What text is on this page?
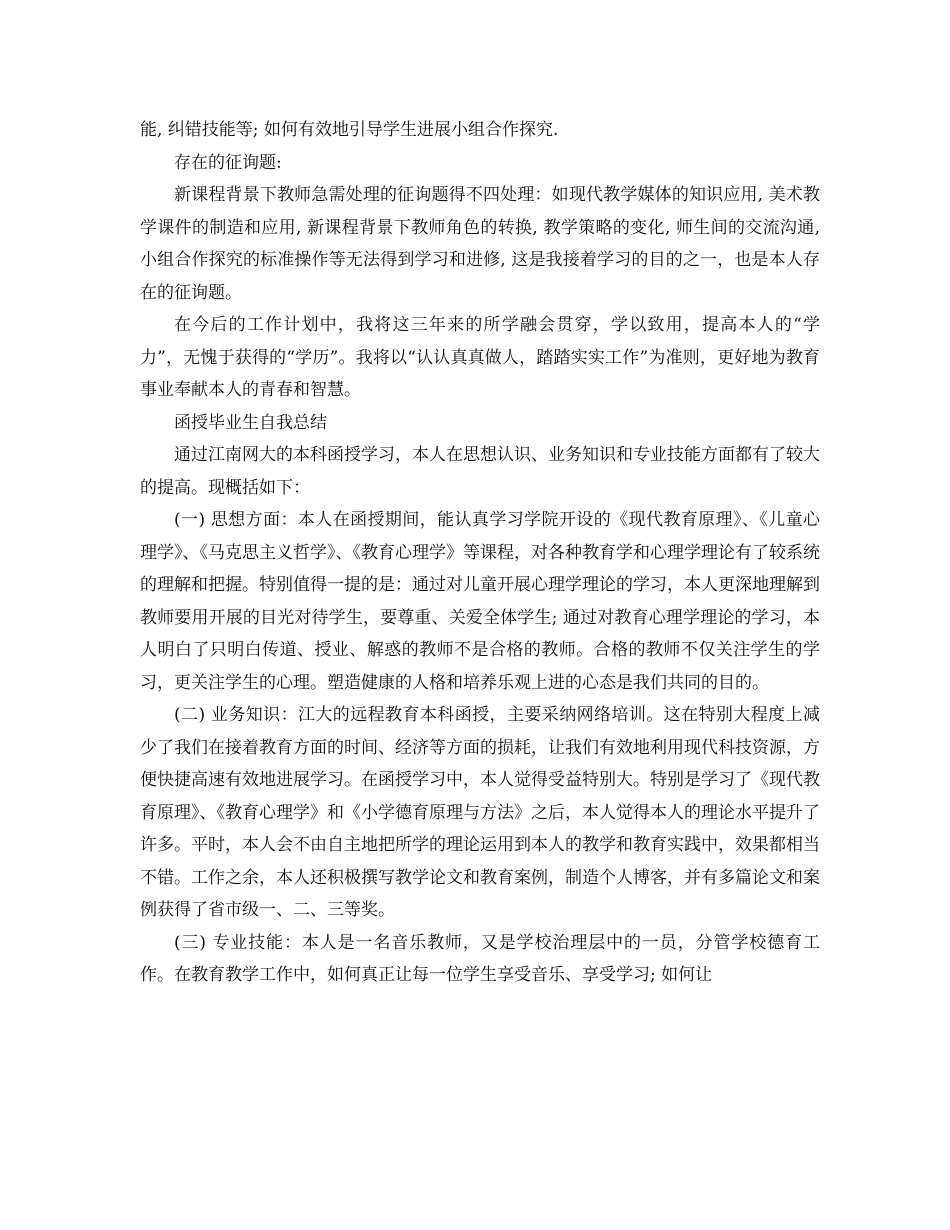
能, 纠错技能等; 如何有效地引导学生进展小组合作探究.

存在的征询题:

新课程背景下教师急需处理的征询题得不四处理：如现代教学媒体的知识应用, 美术教学课件的制造和应用, 新课程背景下教师角色的转换, 教学策略的变化, 师生间的交流沟通, 小组合作探究的标准操作等无法得到学习和进修, 这是我接着学习的目的之一，也是本人存在的征询题。

在今后的工作计划中，我将这三年来的所学融会贯穿，学以致用，提高本人的“学力”，无愧于获得的“学历”。我将以“认认真真做人，踏踏实实工作”为准则，更好地为教育事业奉献本人的青春和智慧。

函授毕业生自我总结

通过江南网大的本科函授学习，本人在思想认识、业务知识和专业技能方面都有了较大的提高。现概括如下：

(一) 思想方面：本人在函授期间，能认真学习学院开设的《现代教育原理》、《儿童心理学》、《马克思主义哲学》、《教育心理学》等课程，对各种教育学和心理学理论有了较系统的理解和把握。特别值得一提的是：通过对儿童开展心理学理论的学习，本人更深地理解到教师要用开展的目光对待学生，要尊重、关爱全体学生; 通过对教育心理学理论的学习，本人明白了只明白传道、授业、解惑的教师不是合格的教师。合格的教师不仅关注学生的学习，更关注学生的心理。塑造健康的人格和培养乐观上进的心态是我们共同的目的。

(二) 业务知识：江大的远程教育本科函授，主要采纳网络培训。这在特别大程度上减少了我们在接着教育方面的时间、经济等方面的损耗，让我们有效地利用现代科技资源，方便快捷高速有效地进展学习。在函授学习中，本人觉得受益特别大。特别是学习了《现代教育原理》、《教育心理学》和《小学德育原理与方法》之后，本人觉得本人的理论水平提升了许多。平时，本人会不由自主地把所学的理论运用到本人的教学和教育实践中，效果都相当不错。工作之余，本人还积极撰写教学论文和教育案例，制造个人博客，并有多篇论文和案例获得了省市级一、二、三等奖。

(三) 专业技能：本人是一名音乐教师，又是学校治理层中的一员，分管学校德育工作。在教育教学工作中，如何真正让每一位学生享受音乐、享受学习; 如何让
